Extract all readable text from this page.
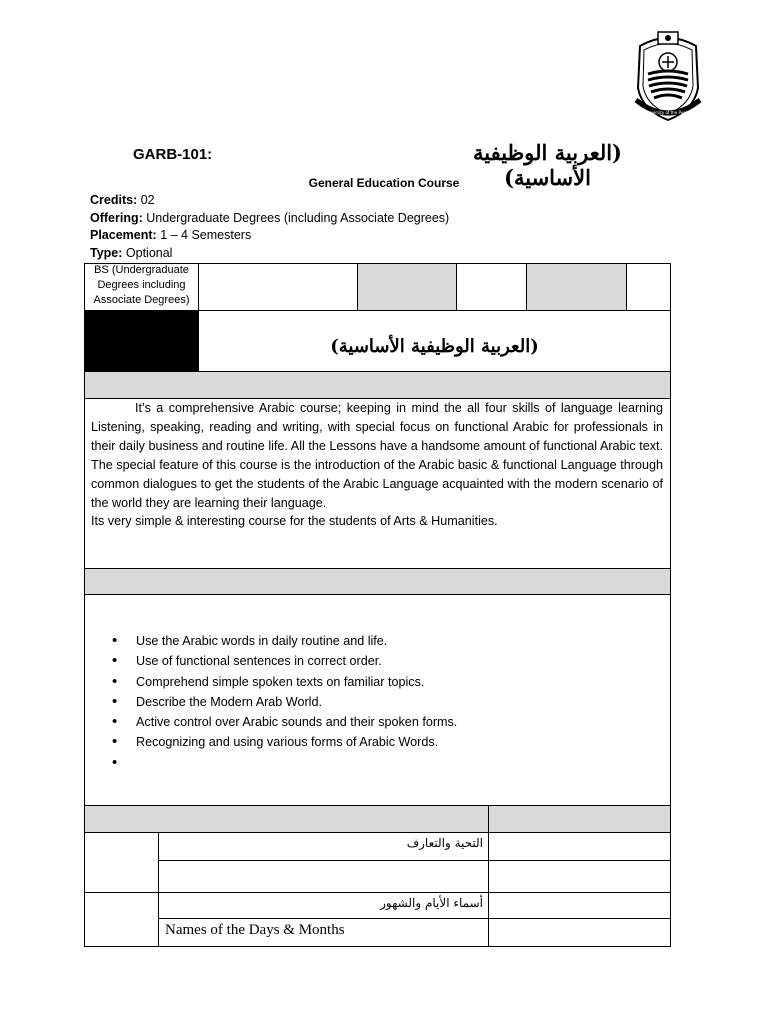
University of the Punjab
GARB-101:	(العربية الوظيفية الأساسية)
General Education Course
Credits: 02
Offering: Undergraduate Degrees (including Associate Degrees)
Placement: 1 – 4 Semesters
Type: Optional
BS (Undergraduate Degrees including Associate Degrees)
(العربية الوظيفية الأساسية)

It’s a comprehensive Arabic course; keeping in mind the all four skills of language learning Listening, speaking, reading and writing, with special focus on functional Arabic for professionals in their daily business and routine life. All the Lessons have a handsome amount of functional Arabic text. The special feature of this course is the introduction of the Arabic basic & functional Language through common dialogues to get the students of the Arabic Language acquainted with the modern scenario of the world they are learning their language.

Its very simple & interesting course for the students of Arts & Humanities.

• Use the Arabic words in daily routine and life.
• Use of functional sentences in correct order.
• Comprehend simple spoken texts on familiar topics.
• Describe the Modern Arab World.
• Active control over Arabic sounds and their spoken forms.
• Recognizing and using various forms of Arabic Words.
•
التحية والتعارف
أسماء الأيام والشهور
Names of the Days & Months
